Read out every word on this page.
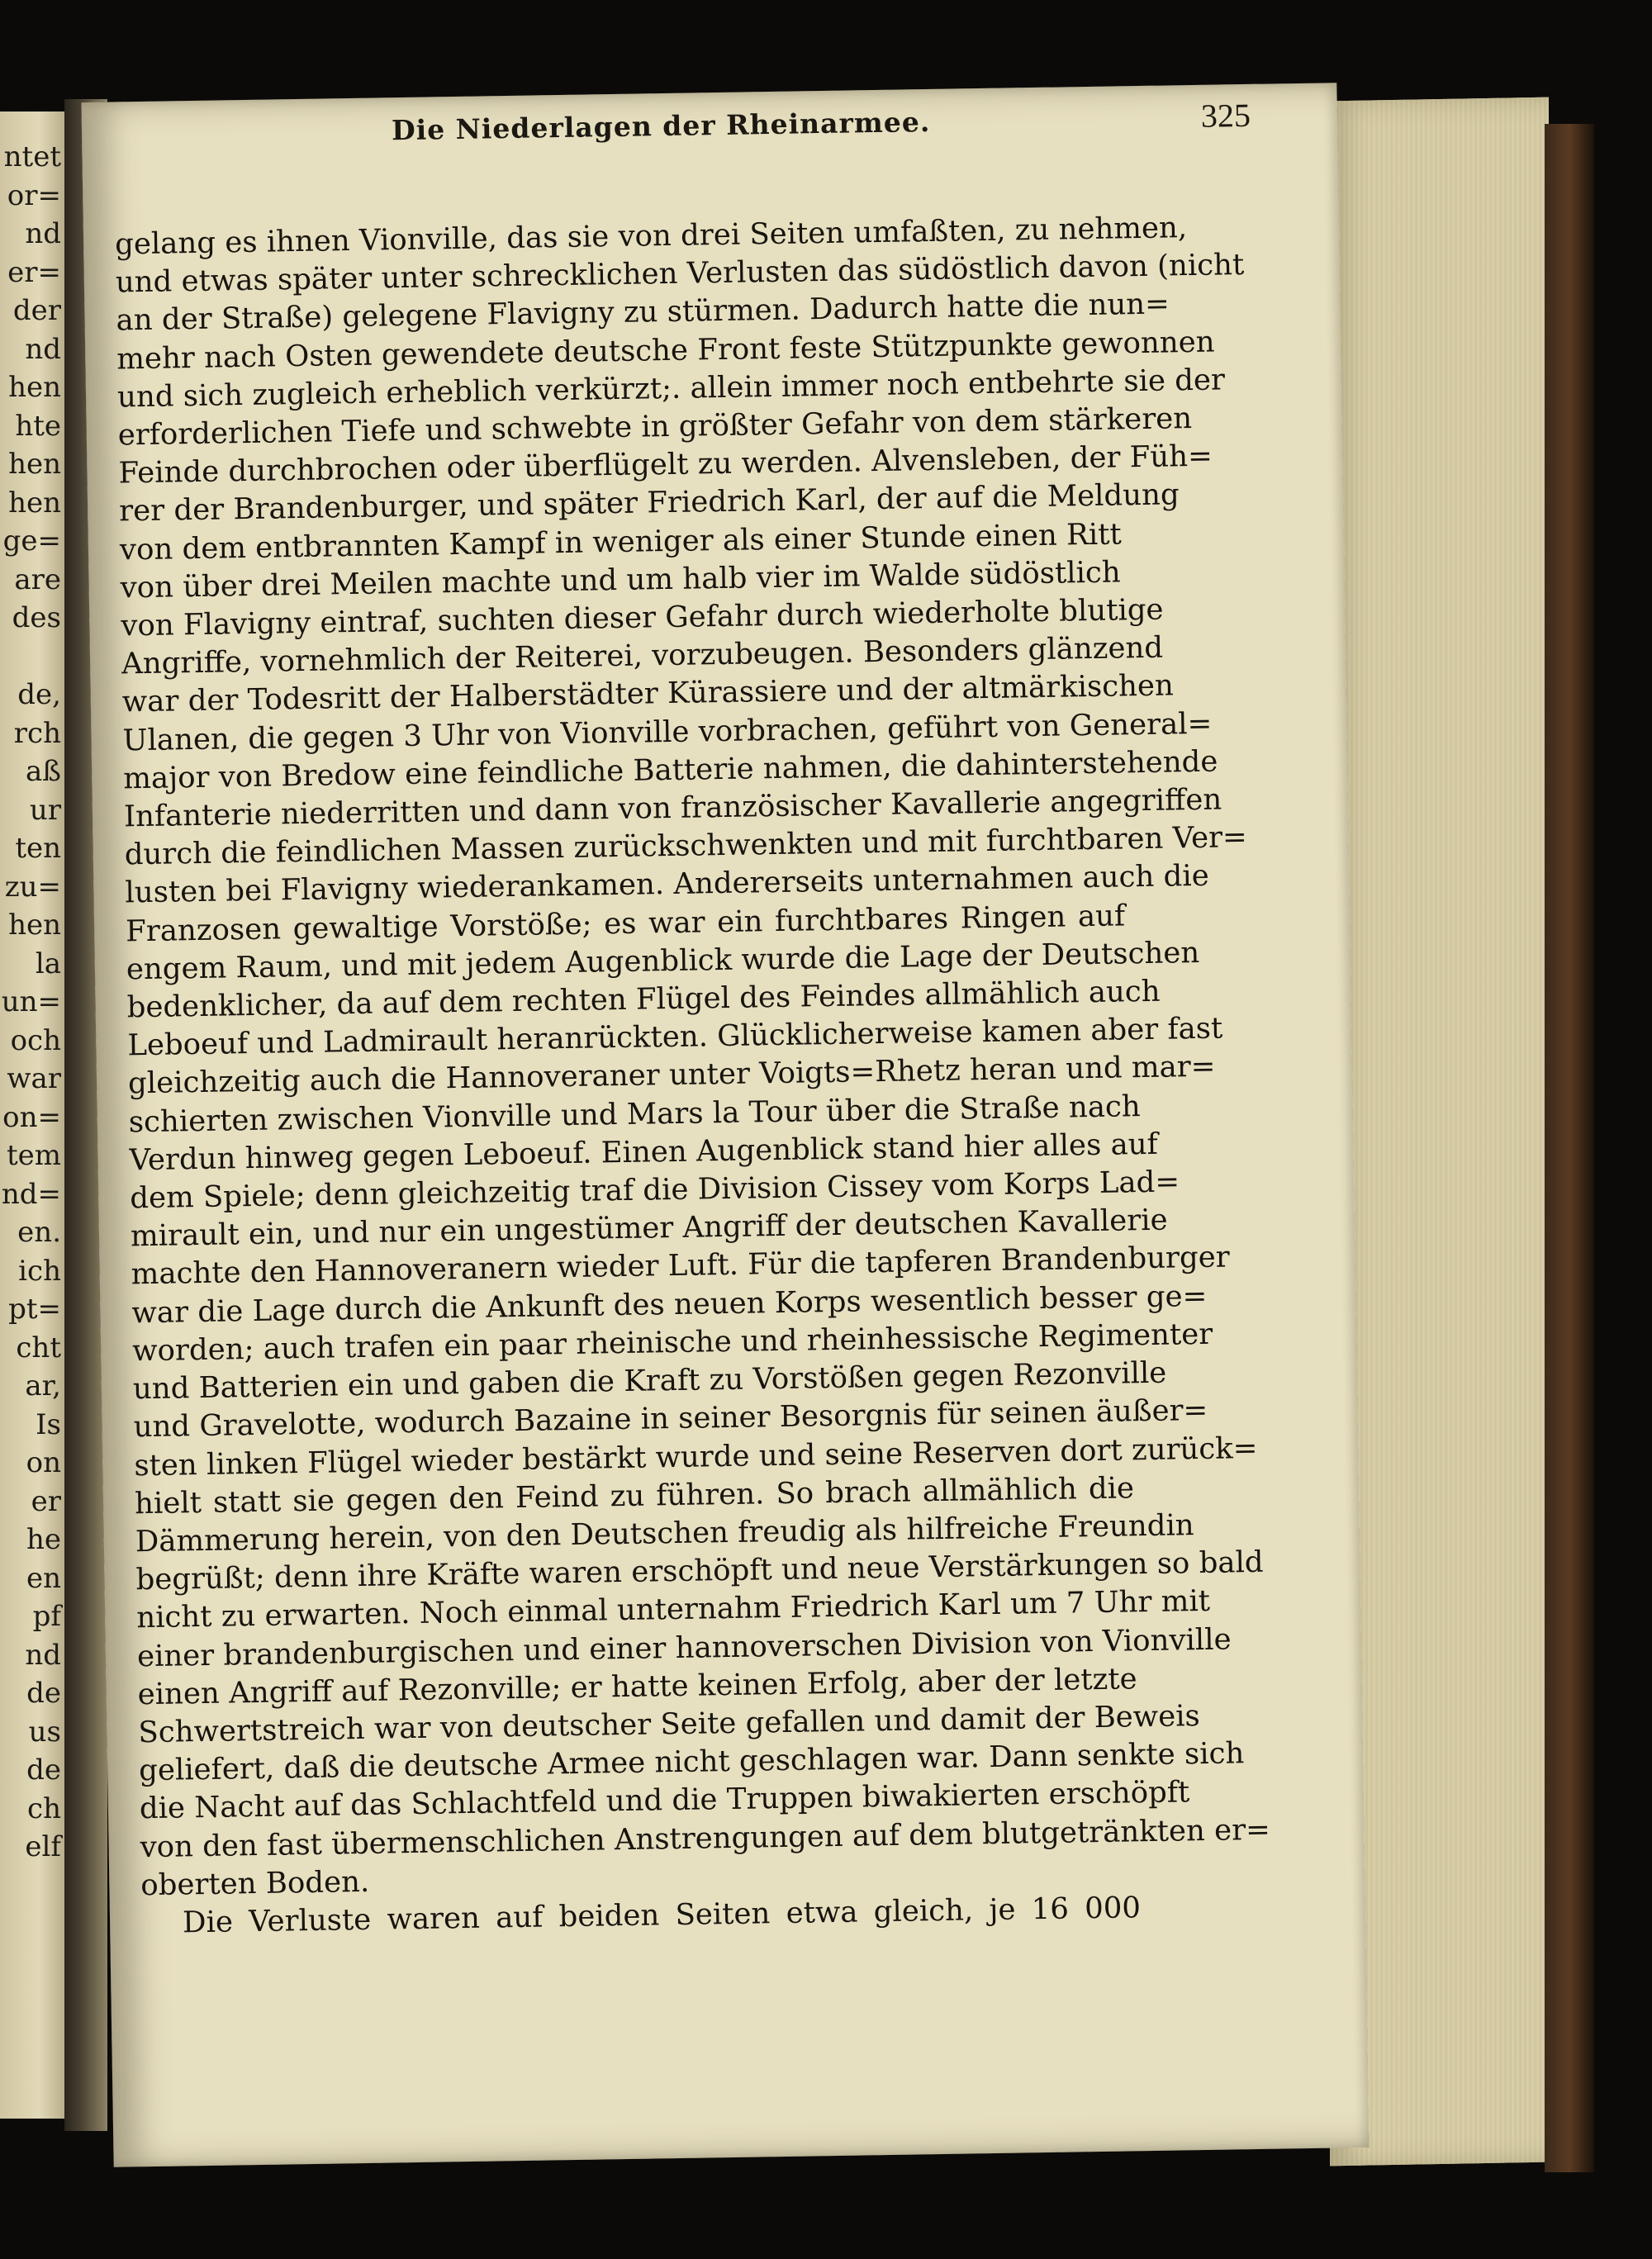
ntet
or=
nd
er=
der
nd
hen
hte
hen
hen
ge=
are
des
de,
rch
aß
ur
ten
zu=
hen
la
un=
och
war
on=
tem
nd=
en.
ich
pt=
cht
ar,
Is
on
er
he
en
pf
nd
de
us
de
ch
elf
Die Niederlagen der Rheinarmee.	325
gelang es ihnen Vionville, das sie von drei Seiten umfaßten, zu nehmen,
und etwas später unter schrecklichen Verlusten das südöstlich davon (nicht
an der Straße) gelegene Flavigny zu stürmen. Dadurch hatte die nun=
mehr nach Osten gewendete deutsche Front feste Stützpunkte gewonnen
und sich zugleich erheblich verkürzt;. allein immer noch entbehrte sie der
erforderlichen Tiefe und schwebte in größter Gefahr von dem stärkeren
Feinde durchbrochen oder überflügelt zu werden. Alvensleben, der Füh=
rer der Brandenburger, und später Friedrich Karl, der auf die Meldung
von dem entbrannten Kampf in weniger als einer Stunde einen Ritt
von über drei Meilen machte und um halb vier im Walde südöstlich
von Flavigny eintraf, suchten dieser Gefahr durch wiederholte blutige
Angriffe, vornehmlich der Reiterei, vorzubeugen. Besonders glänzend
war der Todesritt der Halberstädter Kürassiere und der altmärkischen
Ulanen, die gegen 3 Uhr von Vionville vorbrachen, geführt von General=
major von Bredow eine feindliche Batterie nahmen, die dahinterstehende
Infanterie niederritten und dann von französischer Kavallerie angegriffen
durch die feindlichen Massen zurückschwenkten und mit furchtbaren Ver=
lusten bei Flavigny wiederankamen. Andererseits unternahmen auch die
Franzosen gewaltige Vorstöße; es war ein furchtbares Ringen auf
engem Raum, und mit jedem Augenblick wurde die Lage der Deutschen
bedenklicher, da auf dem rechten Flügel des Feindes allmählich auch
Leboeuf und Ladmirault heranrückten. Glücklicherweise kamen aber fast
gleichzeitig auch die Hannoveraner unter Voigts=Rhetz heran und mar=
schierten zwischen Vionville und Mars la Tour über die Straße nach
Verdun hinweg gegen Leboeuf. Einen Augenblick stand hier alles auf
dem Spiele; denn gleichzeitig traf die Division Cissey vom Korps Lad=
mirault ein, und nur ein ungestümer Angriff der deutschen Kavallerie
machte den Hannoveranern wieder Luft. Für die tapferen Brandenburger
war die Lage durch die Ankunft des neuen Korps wesentlich besser ge=
worden; auch trafen ein paar rheinische und rheinhessische Regimenter
und Batterien ein und gaben die Kraft zu Vorstößen gegen Rezonville
und Gravelotte, wodurch Bazaine in seiner Besorgnis für seinen äußer=
sten linken Flügel wieder bestärkt wurde und seine Reserven dort zurück=
hielt statt sie gegen den Feind zu führen. So brach allmählich die
Dämmerung herein, von den Deutschen freudig als hilfreiche Freundin
begrüßt; denn ihre Kräfte waren erschöpft und neue Verstärkungen so bald
nicht zu erwarten. Noch einmal unternahm Friedrich Karl um 7 Uhr mit
einer brandenburgischen und einer hannoverschen Division von Vionville
einen Angriff auf Rezonville; er hatte keinen Erfolg, aber der letzte
Schwertstreich war von deutscher Seite gefallen und damit der Beweis
geliefert, daß die deutsche Armee nicht geschlagen war. Dann senkte sich
die Nacht auf das Schlachtfeld und die Truppen biwakierten erschöpft
von den fast übermenschlichen Anstrengungen auf dem blutgetränkten er=
oberten Boden.
Die Verluste waren auf beiden Seiten etwa gleich, je 16 000
